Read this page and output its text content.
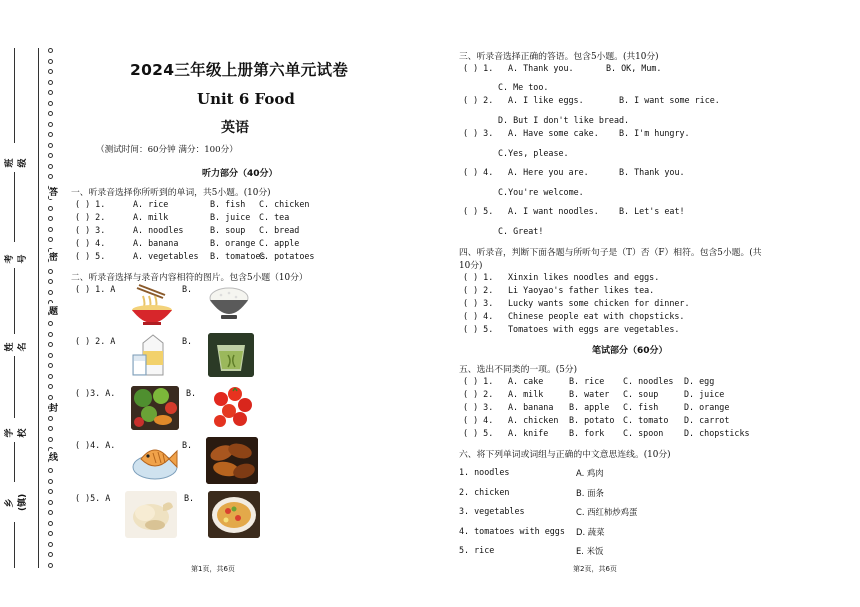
班级
考号
姓名
学校
乡(镇)
答
密
题
封
线
2024三年级上册第六单元试卷
Unit 6 Food
英语
（测试时间：60分钟 满分：100分）
听力部分（40分）
一、听录音选择你所听到的单词，共5小题。(10分)
( ) 1.	A. rice	B. fish	C. chicken
( ) 2.	A. milk	B. juice	C. tea
( ) 3.	A. noodles	B. soup	C. bread
( ) 4.	A. banana	B. orange C. apple
( ) 5.	A. vegetables	B. tomatoes
C. potatoes
二、听录音选择与录音内容相符的图片。包含5小题（10分）
( ) 1. A	B.
( ) 2. A	B.
( )3. A.	B.
( )4. A.	B.
( )5. A	B.
第1页，共6页
三、听录音选择正确的答语。包含5小题。(共10分)
( ) 1.	A. Thank you.	B. OK, Mum.
C. Me too.
( ) 2.	A. I like eggs.	B. I want some rice.
D. But I don't like bread.
( ) 3.	A. Have some cake.	B. I'm hungry.
C.Yes, please.
( ) 4.	A. Here you are.	B. Thank you.
C.You're welcome.
( ) 5.	A. I want noodles.	B. Let's eat!
C. Great!
四、听录音，判断下面各题与所听句子是（T）否（F）相符。包含5小题。(共
10分)
( ) 1.	Xinxin likes noodles and eggs.
( ) 2.	Li Yaoyao's father likes tea.
( ) 3.	Lucky wants some chicken for dinner.
( ) 4.	Chinese people eat with chopsticks.
( ) 5.	Tomatoes with eggs are vegetables.
笔试部分（60分）
五、选出不同类的一项。(5分)
( ) 1.	A. cake	B. rice	C. noodles	D. egg
( ) 2.	A. milk	B. water	C. soup	D. juice
( ) 3.	A. banana	B. apple	C. fish	D. orange
( ) 4.	A. chicken	B. potato	C. tomato	D. carrot
( ) 5.	A. knife	B. fork	C. spoon	D. chopsticks
六、将下列单词或词组与正确的中文意思连线。(10分)
1. noodles	A. 鸡肉
2. chicken	B. 面条
3. vegetables	C. 西红柿炒鸡蛋
4. tomatoes with eggs D. 蔬菜
5. rice	E. 米饭
第2页，共6页
